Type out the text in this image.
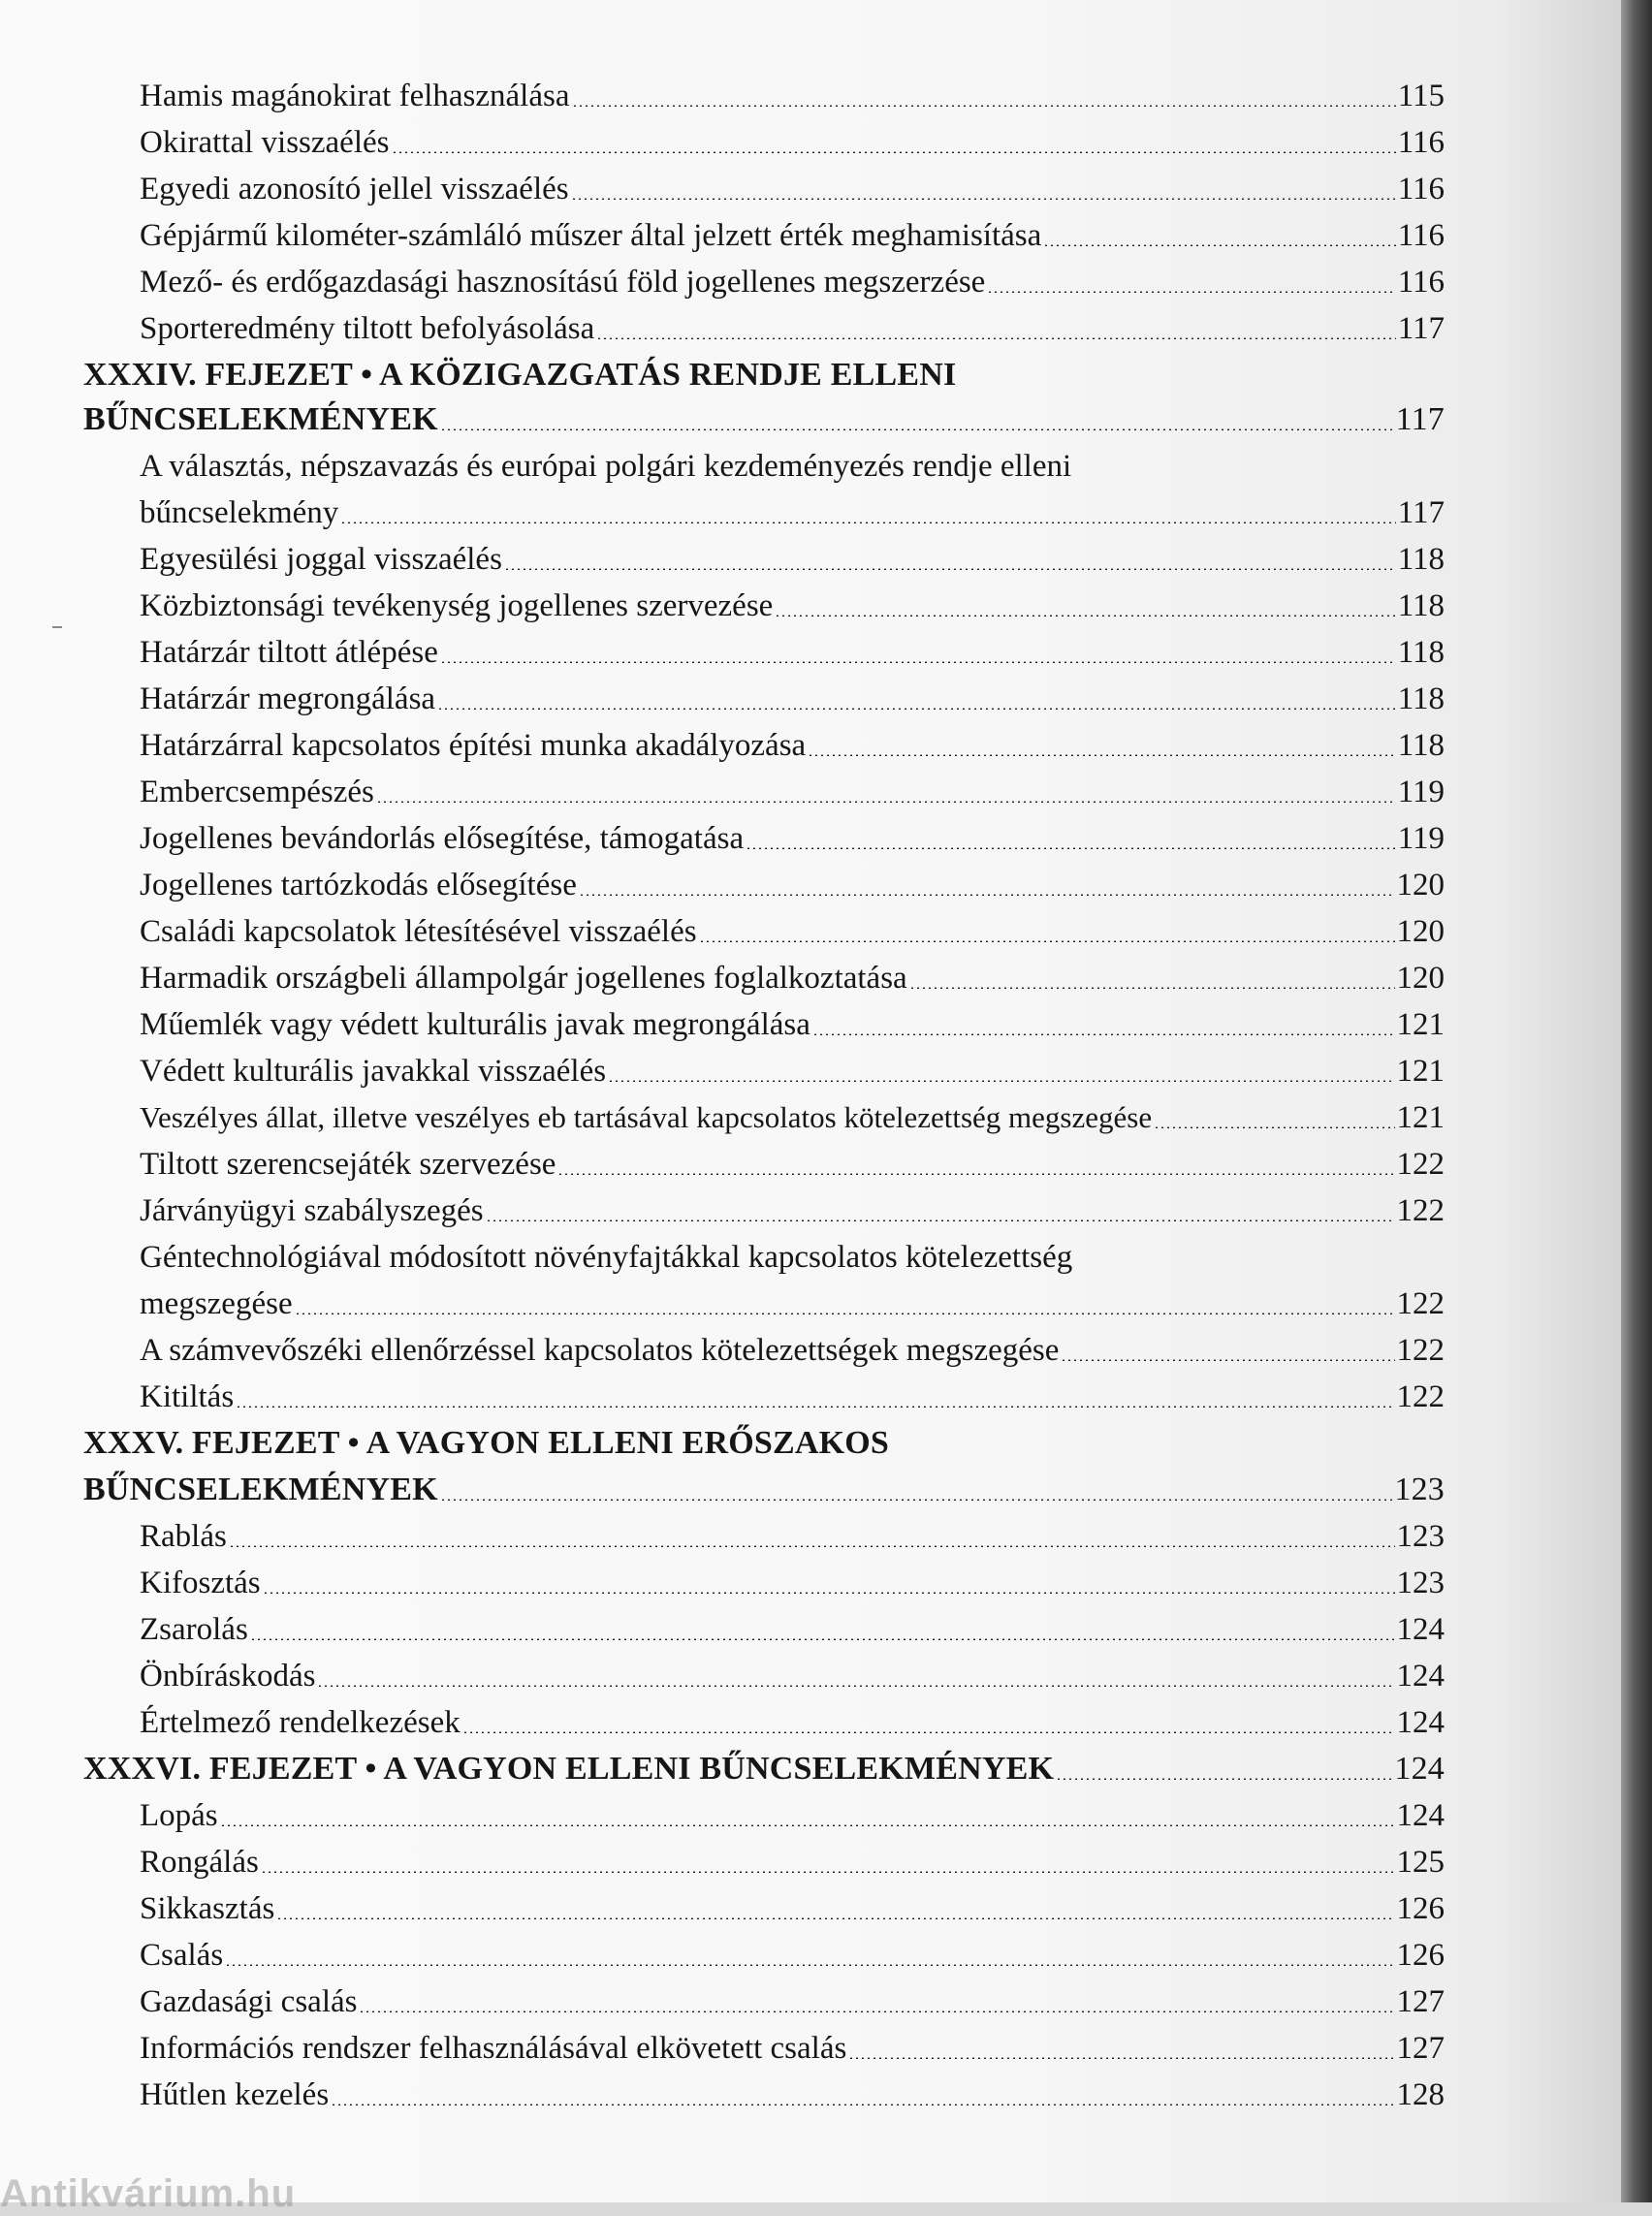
Hamis magánokirat felhasználása	115
Okirattal visszaélés	116
Egyedi azonosító jellel visszaélés	116
Gépjármű kilométer-számláló műszer által jelzett érték meghamisítása	116
Mező- és erdőgazdasági hasznosítású föld jogellenes megszerzése	116
Sporteredmény tiltott befolyásolása	117
XXXIV. FEJEZET • A KÖZIGAZGATÁS RENDJE ELLENI
BŰNCSELEKMÉNYEK	117
A választás, népszavazás és európai polgári kezdeményezés rendje elleni
bűncselekmény	117
Egyesülési joggal visszaélés	118
Közbiztonsági tevékenység jogellenes szervezése	118
Határzár tiltott átlépése	118
Határzár megrongálása	118
Határzárral kapcsolatos építési munka akadályozása	118
Embercsempészés	119
Jogellenes bevándorlás elősegítése, támogatása	119
Jogellenes tartózkodás elősegítése	120
Családi kapcsolatok létesítésével visszaélés	120
Harmadik országbeli állampolgár jogellenes foglalkoztatása	120
Műemlék vagy védett kulturális javak megrongálása	121
Védett kulturális javakkal visszaélés	121
Veszélyes állat, illetve veszélyes eb tartásával kapcsolatos kötelezettség megszegése	121
Tiltott szerencsejáték szervezése	122
Járványügyi szabályszegés	122
Géntechnológiával módosított növényfajtákkal kapcsolatos kötelezettség
megszegése	122
A számvevőszéki ellenőrzéssel kapcsolatos kötelezettségek megszegése	122
Kitiltás	122
XXXV. FEJEZET • A VAGYON ELLENI ERŐSZAKOS
BŰNCSELEKMÉNYEK	123
Rablás	123
Kifosztás	123
Zsarolás	124
Önbíráskodás	124
Értelmező rendelkezések	124
XXXVI. FEJEZET • A VAGYON ELLENI BŰNCSELEKMÉNYEK	124
Lopás	124
Rongálás	125
Sikkasztás	126
Csalás	126
Gazdasági csalás	127
Információs rendszer felhasználásával elkövetett csalás	127
Hűtlen kezelés	128
Antikvárium.hu
